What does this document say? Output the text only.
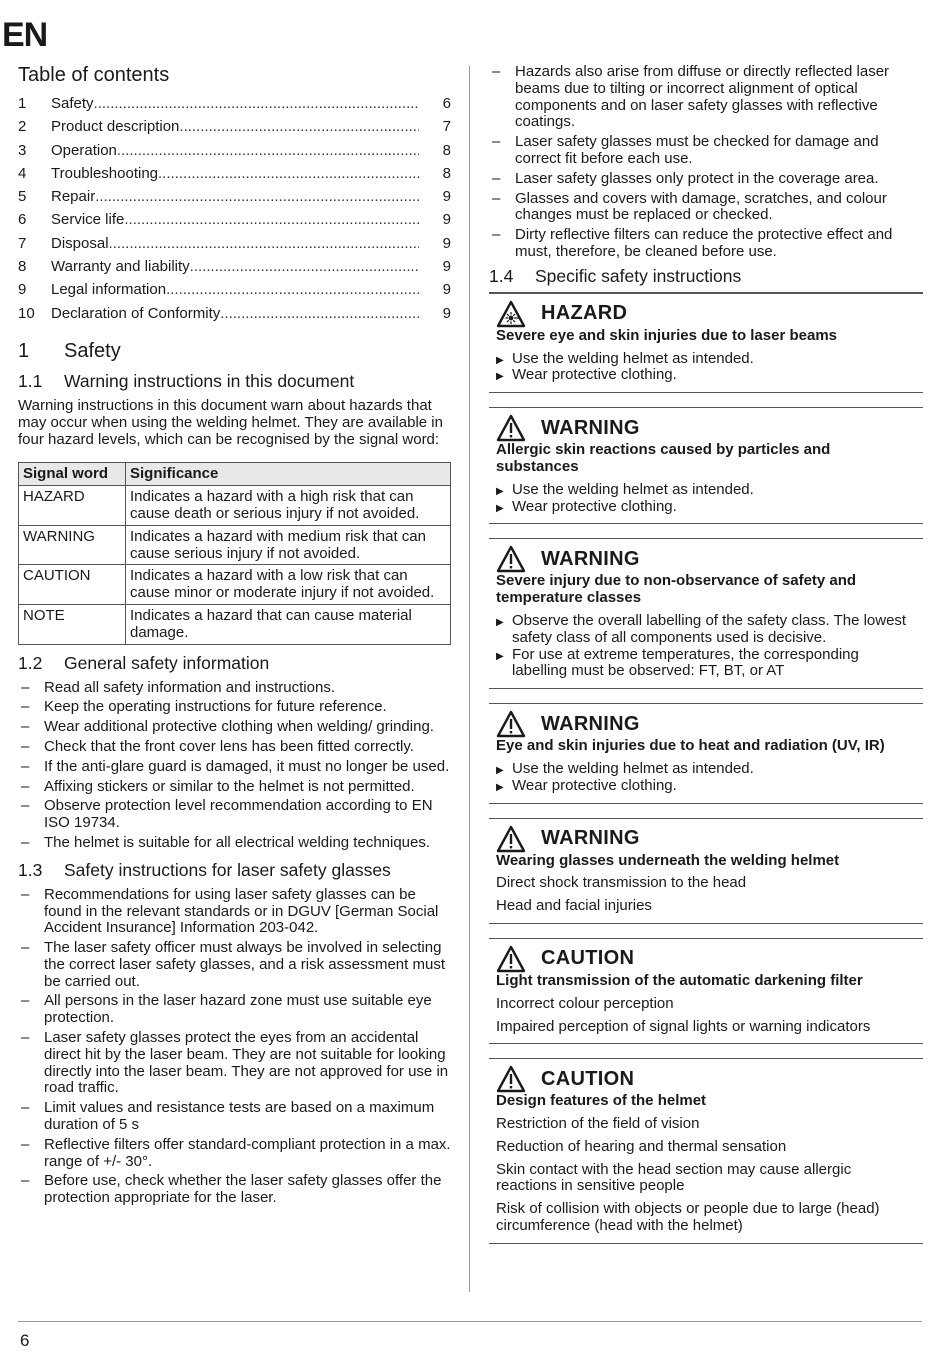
EN
Table of contents
1	Safety .....	6
2	Product description .....	7
3	Operation .....	8
4	Troubleshooting .....	8
5	Repair .....	9
6	Service life .....	9
7	Disposal .....	9
8	Warranty and liability .....	9
9	Legal information .....	9
10	Declaration of Conformity .....	9
1	Safety
1.1	Warning instructions in this document

Warning instructions in this document warn about hazards that may occur when using the welding helmet. They are available in four hazard levels, which can be recognised by the signal word:

Signal word	Significance
HAZARD	Indicates a hazard with a high risk that can cause death or serious injury if not avoided.
WARNING	Indicates a hazard with medium risk that can cause serious injury if not avoided.
CAUTION	Indicates a hazard with a low risk that can cause minor or moderate injury if not avoided.
NOTE	Indicates a hazard that can cause material damage.
1.2	General safety information
– Read all safety information and instructions.
– Keep the operating instructions for future reference.
– Wear additional protective clothing when welding/ grinding.
– Check that the front cover lens has been fitted correctly.
– If the anti-glare guard is damaged, it must no longer be used.
– Affixing stickers or similar to the helmet is not permitted.
– Observe protection level recommendation according to EN ISO 19734.
– The helmet is suitable for all electrical welding techniques.
1.3	Safety instructions for laser safety glasses
– Recommendations for using laser safety glasses can be found in the relevant standards or in DGUV [German Social Accident Insurance] Information 203-042.
– The laser safety officer must always be involved in selecting the correct laser safety glasses, and a risk assessment must be carried out.
– All persons in the laser hazard zone must use suitable eye protection.
– Laser safety glasses protect the eyes from an accidental direct hit by the laser beam. They are not suitable for looking directly into the laser beam. They are not approved for use in road traffic.
– Limit values and resistance tests are based on a maximum duration of 5 s
– Reflective filters offer standard-compliant protection in a max. range of +/- 30°.
– Before use, check whether the laser safety glasses offer the protection appropriate for the laser.
– Hazards also arise from diffuse or directly reflected laser beams due to tilting or incorrect alignment of optical components and on laser safety glasses with reflective coatings.
– Laser safety glasses must be checked for damage and correct fit before each use.
– Laser safety glasses only protect in the coverage area.
– Glasses and covers with damage, scratches, and colour changes must be replaced or checked.
– Dirty reflective filters can reduce the protective effect and must, therefore, be cleaned before use.
1.4	Specific safety instructions
HAZARD
Severe eye and skin injuries due to laser beams
▶ Use the welding helmet as intended.
▶ Wear protective clothing.
WARNING
Allergic skin reactions caused by particles and substances
▶ Use the welding helmet as intended.
▶ Wear protective clothing.
WARNING
Severe injury due to non-observance of safety and temperature classes
▶ Observe the overall labelling of the safety class. The lowest safety class of all components used is decisive.
▶ For use at extreme temperatures, the corresponding labelling must be observed: FT, BT, or AT
WARNING
Eye and skin injuries due to heat and radiation (UV, IR)
▶ Use the welding helmet as intended.
▶ Wear protective clothing.
WARNING
Wearing glasses underneath the welding helmet
Direct shock transmission to the head
Head and facial injuries
CAUTION
Light transmission of the automatic darkening filter
Incorrect colour perception
Impaired perception of signal lights or warning indicators
CAUTION
Design features of the helmet
Restriction of the field of vision
Reduction of hearing and thermal sensation
Skin contact with the head section may cause allergic reactions in sensitive people
Risk of collision with objects or people due to large (head) circumference (head with the helmet)
6
